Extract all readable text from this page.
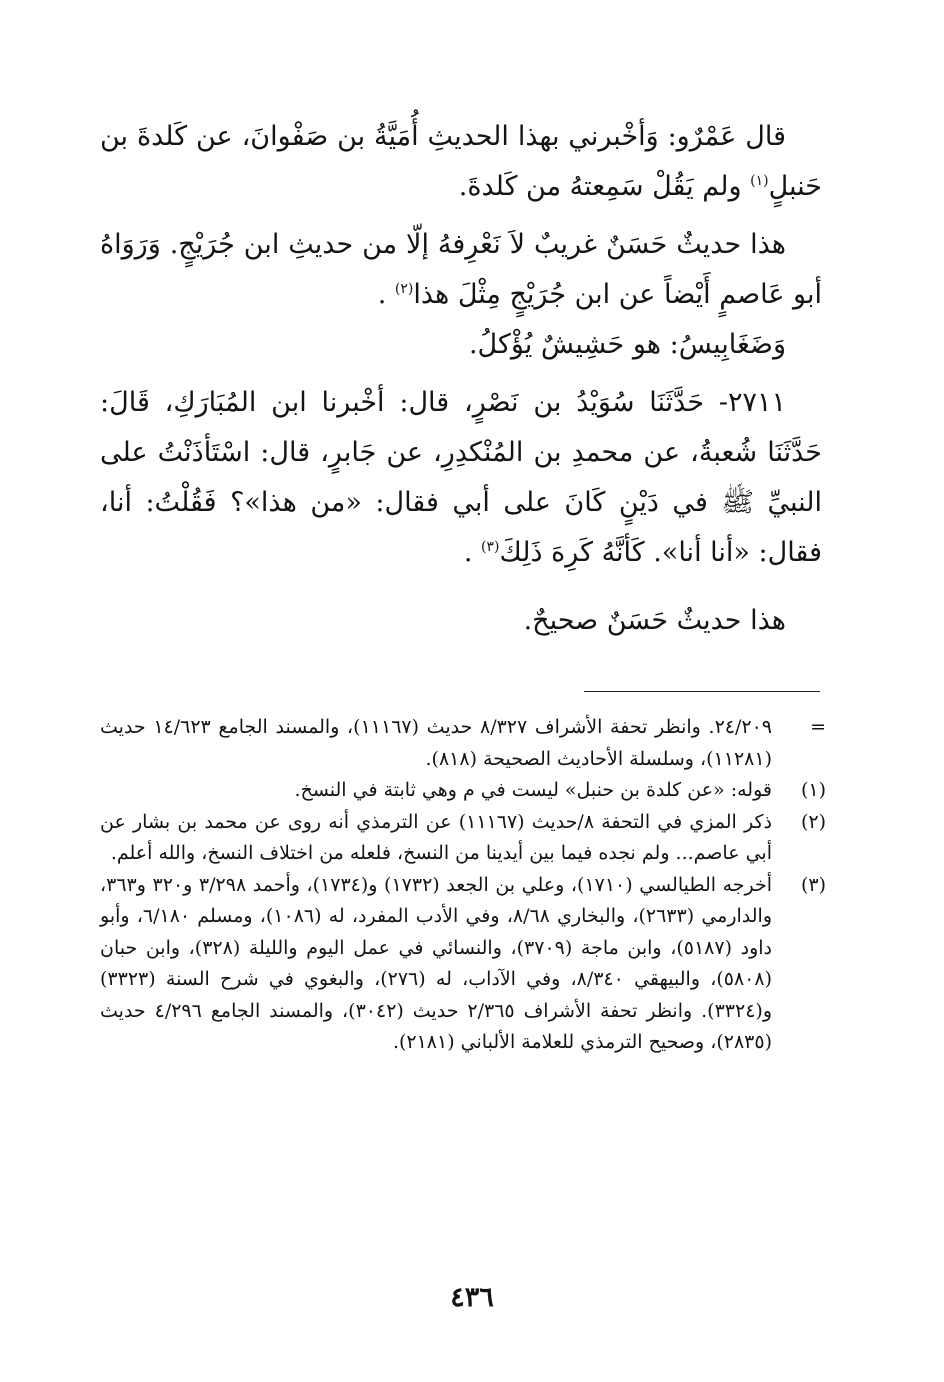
قال عَمْرٌو: وَأخْبرني بهذا الحديثِ أُمَيَّةُ بن صَفْوانَ، عن كَلدةَ بن حَنبلٍ$^{(١)}$ ولم يَقُلْ سَمِعتهُ من كَلدةَ.

هذا حديثٌ حَسَنٌ غريبٌ لاَ نَعْرِفهُ إلّا من حديثِ ابن جُرَيْجٍ. وَرَوَاهُ أبو عَاصمٍ أَيْضاً عن ابن جُرَيْجٍ مِثْلَ هذا$^{(٢)}$ .

وَضَغَابِيسُ: هو حَشِيشٌ يُؤْكلُ.

٢٧١١- حَدَّثَنَا سُوَيْدُ بن نَصْرٍ، قال: أخْبرنا ابن المُبَارَكِ، قَالَ: حَدَّثَنَا شُعبةُ، عن محمدِ بن المُنْكدِرِ، عن جَابرٍ، قال: اسْتَأذَنْتُ على النبيِّ ﷺ في دَيْنٍ كَانَ على أبي فقال: «من هذا»؟ فَقُلْتُ: أنا، فقال: «أنا أنا». كَأنَّهُ كَرِهَ ذَلِكَ$^{(٣)}$ .

هذا حديثٌ حَسَنٌ صحيحٌ.

=
٢٤/٢٠٩. وانظر تحفة الأشراف ٨/٣٢٧ حديث (١١١٦٧)، والمسند الجامع ١٤/٦٢٣ حديث (١١٢٨١)، وسلسلة الأحاديث الصحيحة (٨١٨).

(١)
قوله: «عن كلدة بن حنبل» ليست في م وهي ثابتة في النسخ.

(٢)
ذكر المزي في التحفة ٨/حديث (١١١٦٧) عن الترمذي أنه روى عن محمد بن بشار عن أبي عاصم... ولم نجده فيما بين أيدينا من النسخ، فلعله من اختلاف النسخ، والله أعلم.

(٣)
أخرجه الطيالسي (١٧١٠)، وعلي بن الجعد (١٧٣٢) و(١٧٣٤)، وأحمد ٣/٢٩٨ و٣٢٠ و٣٦٣، والدارمي (٢٦٣٣)، والبخاري ٨/٦٨، وفي الأدب المفرد، له (١٠٨٦)، ومسلم ٦/١٨٠، وأبو داود (٥١٨٧)، وابن ماجة (٣٧٠٩)، والنسائي في عمل اليوم والليلة (٣٢٨)، وابن حبان (٥٨٠٨)، والبيهقي ٨/٣٤٠، وفي الآداب، له (٢٧٦)، والبغوي في شرح السنة (٣٣٢٣) و(٣٣٢٤). وانظر تحفة الأشراف ٢/٣٦٥ حديث (٣٠٤٢)، والمسند الجامع ٤/٢٩٦ حديث (٢٨٣٥)، وصحيح الترمذي للعلامة الألباني (٢١٨١).

٤٣٦
